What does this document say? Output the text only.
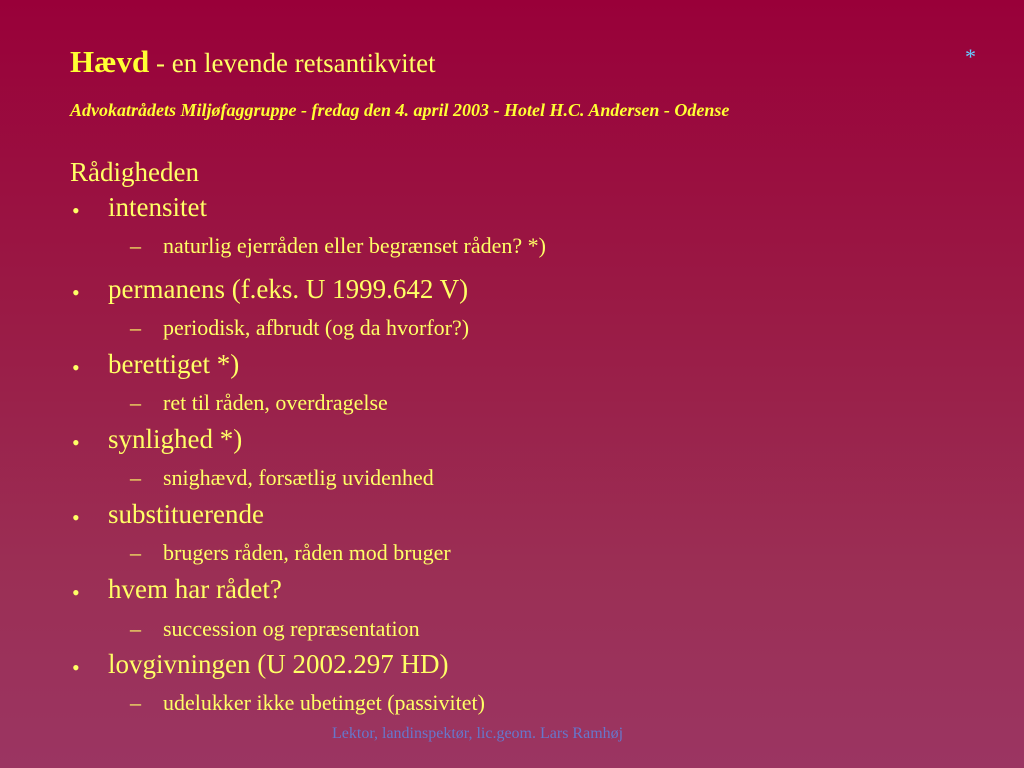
Hævd - en levende retsantikvitet	*
Advokatrådets Miljøfaggruppe - fredag den 4. april 2003 - Hotel H.C. Andersen - Odense
Rådigheden
• intensitet
– naturlig ejerråden eller begrænset råden? *)
• permanens (f.eks. U 1999.642 V)
– periodisk, afbrudt (og da hvorfor?)
• berettiget *)
– ret til råden, overdragelse
• synlighed *)
– snighævd, forsætlig uvidenhed
• substituerende
– brugers råden, råden mod bruger
• hvem har rådet?
– succession og repræsentation
• lovgivningen (U 2002.297 HD)
– udelukker ikke ubetinget (passivitet)
Lektor, landinspektør, lic.geom. Lars Ramhøj
